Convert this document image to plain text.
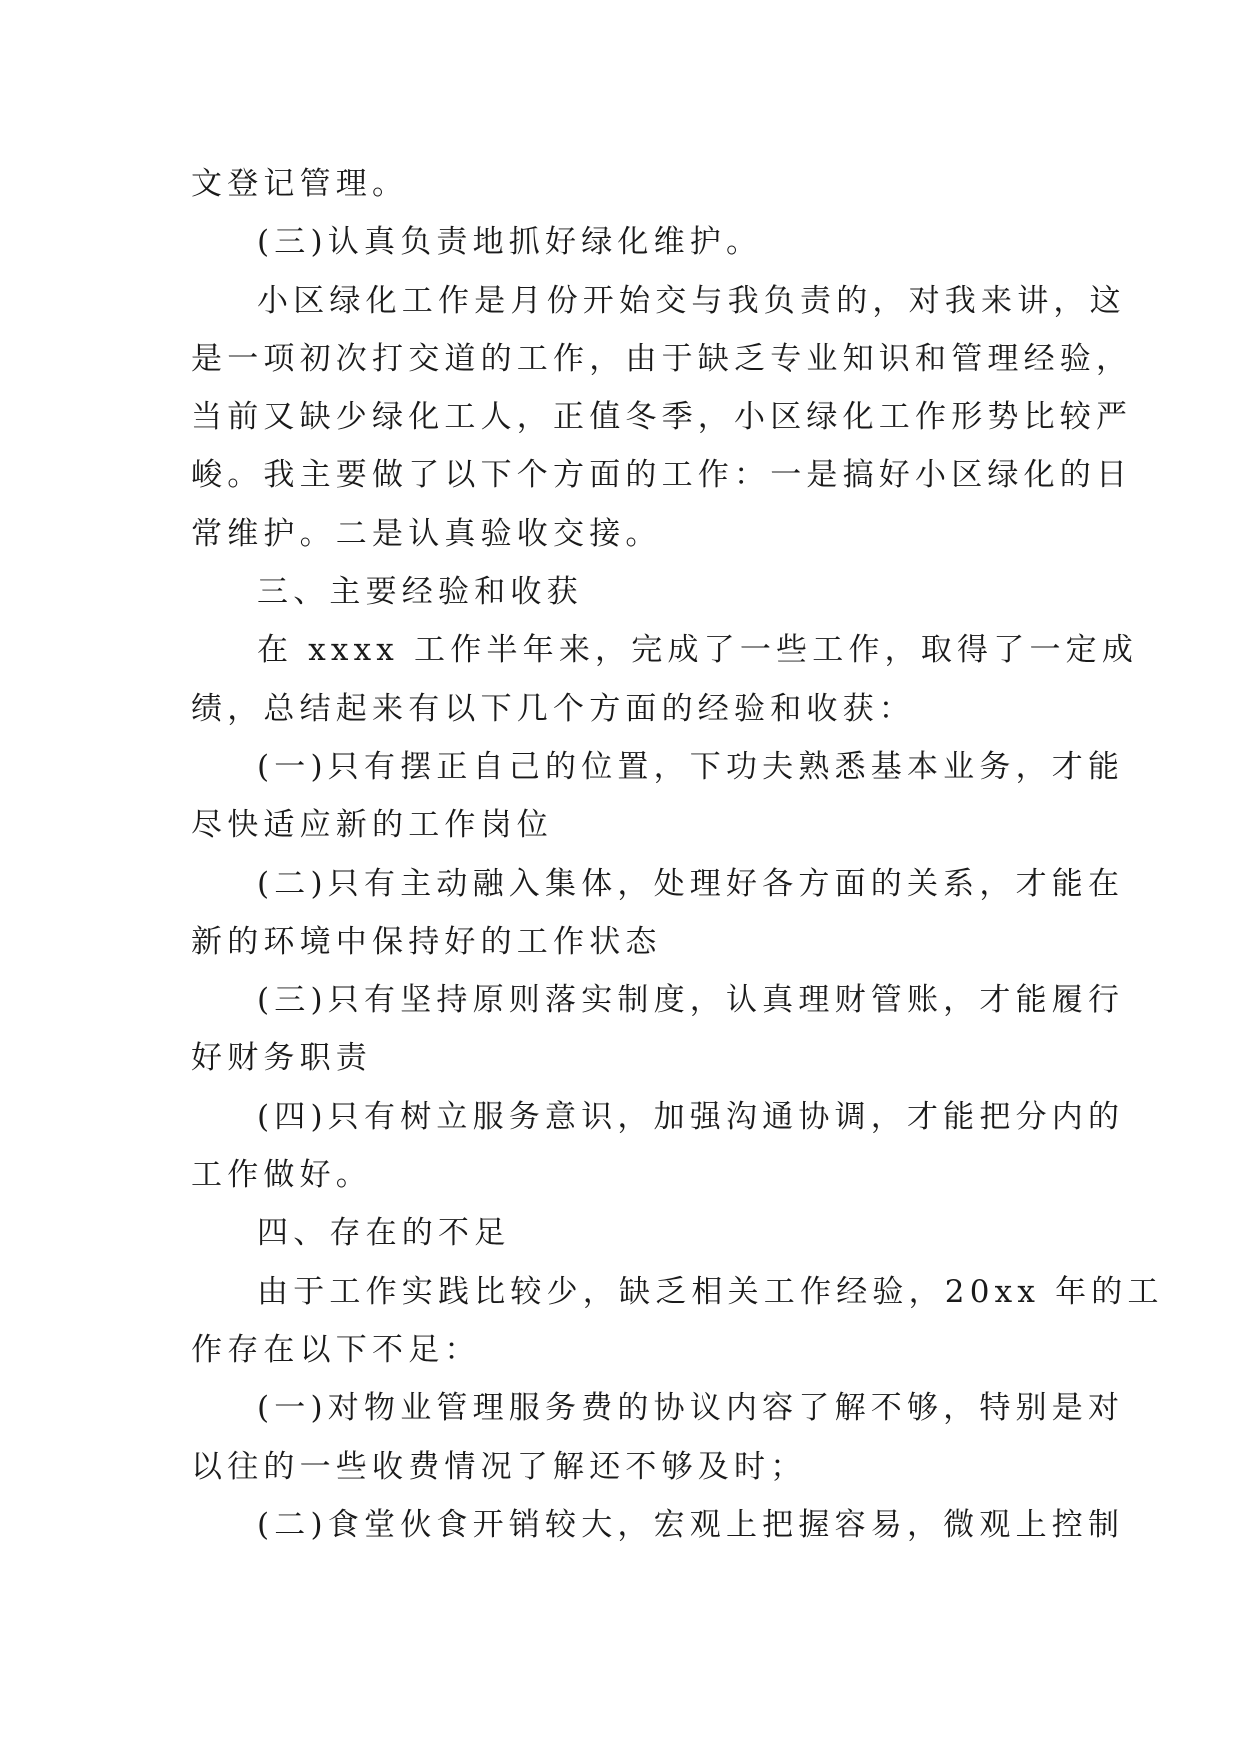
文登记管理。
(三)认真负责地抓好绿化维护。
小区绿化工作是月份开始交与我负责的，对我来讲，这
是一项初次打交道的工作，由于缺乏专业知识和管理经验，
当前又缺少绿化工人，正值冬季，小区绿化工作形势比较严
峻。我主要做了以下个方面的工作：一是搞好小区绿化的日
常维护。二是认真验收交接。
三、主要经验和收获
在 xxxx 工作半年来，完成了一些工作，取得了一定成
绩，总结起来有以下几个方面的经验和收获：
(一)只有摆正自己的位置，下功夫熟悉基本业务，才能
尽快适应新的工作岗位
(二)只有主动融入集体，处理好各方面的关系，才能在
新的环境中保持好的工作状态
(三)只有坚持原则落实制度，认真理财管账，才能履行
好财务职责
(四)只有树立服务意识，加强沟通协调，才能把分内的
工作做好。
四、存在的不足
由于工作实践比较少，缺乏相关工作经验，20xx 年的工
作存在以下不足：
(一)对物业管理服务费的协议内容了解不够，特别是对
以往的一些收费情况了解还不够及时；
(二)食堂伙食开销较大，宏观上把握容易，微观上控制
